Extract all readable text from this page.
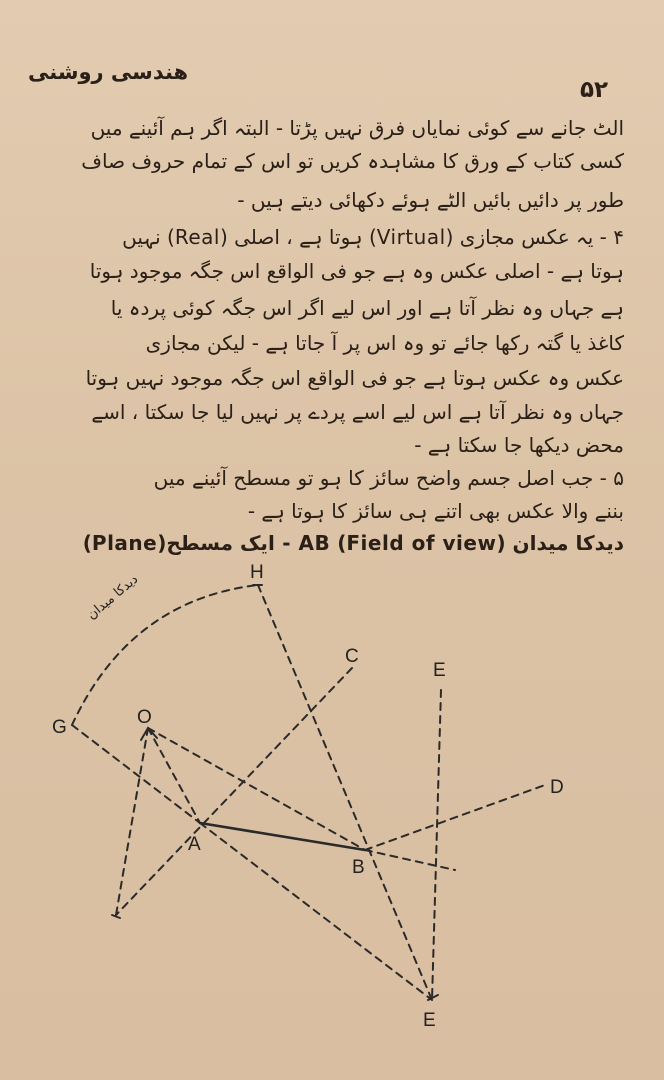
۵۲
هندسی روشنی
الٹ جانے سے کوئی نمایاں فرق نہیں پڑتا - البتہ اگر ہم آئینے میں
کسی کتاب کے ورق کا مشاہدہ کریں تو اس کے تمام حروف صاف
طور پر دائیں بائیں الٹے ہوئے دکھائی دیتے ہیں -
۴ - یہ عکس مجازی (Virtual) ہوتا ہے ، اصلی (Real) نہیں
ہوتا ہے - اصلی عکس وہ ہے جو فی الواقع اس جگہ موجود ہوتا
ہے جہاں وہ نظر آتا ہے اور اس لیے اگر اس جگہ کوئی پردہ یا
کاغذ یا گتہ رکھا جائے تو وہ اس پر آ جاتا ہے - لیکن مجازی
عکس وہ عکس ہوتا ہے جو فی الواقع اس جگہ موجود نہیں ہوتا
جہاں وہ نظر آتا ہے اس لیے اسے پردے پر نہیں لیا جا سکتا ، اسے
محض دیکھا جا سکتا ہے -
۵ - جب اصل جسم واضح سائز کا ہو تو مسطح آئینے میں
بننے والا عکس بھی اتنے ہی سائز کا ہوتا ہے -
دیدکا میدان (Field of view) AB - ایک مسطح(Plane)
دیدکا میدان	H
C
E
G	O
D
A
B
E
